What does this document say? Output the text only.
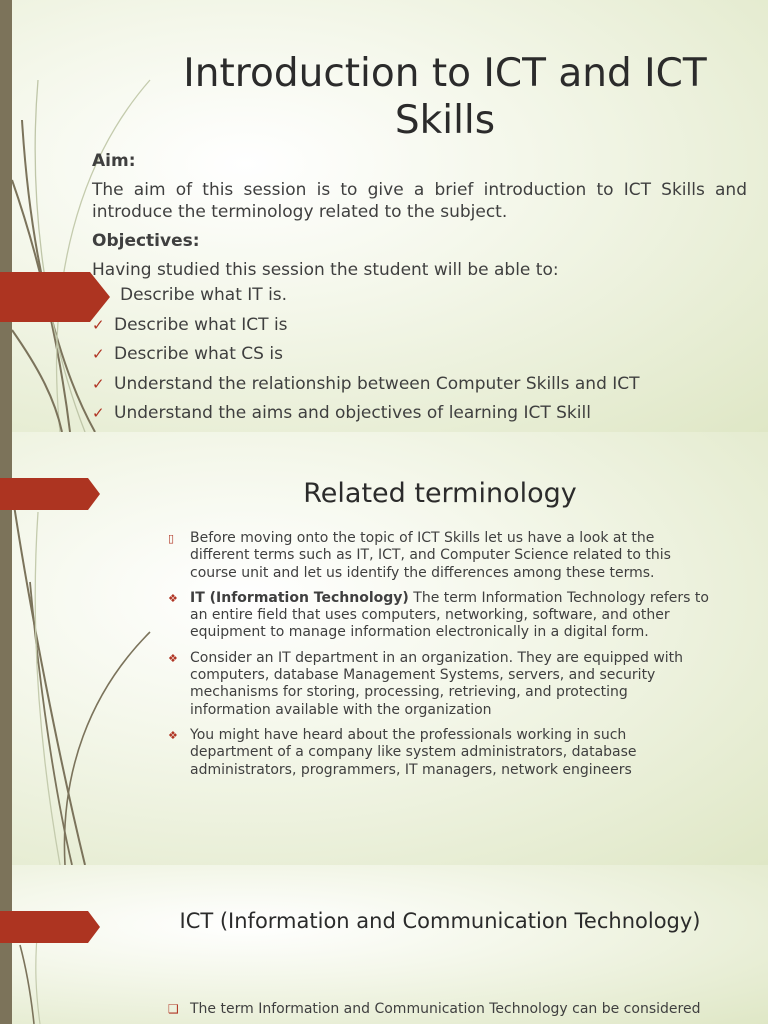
Introduction to ICT and ICT Skills

Aim:

The aim of this session is to give a brief introduction to ICT Skills and introduce the terminology related to the subject.

Objectives:

Having studied this session the student will be able to:

Describe what IT is.
✓ Describe what ICT is
✓ Describe what CS is
✓ Understand the relationship between Computer Skills and ICT
✓ Understand the aims and objectives of learning ICT Skill
Related terminology
▯ Before moving onto the topic of ICT Skills let us have a look at the different terms such as IT, ICT, and Computer Science related to this course unit and let us identify the differences among these terms.
❖ IT (Information Technology) The term Information Technology refers to an entire field that uses computers, networking, software, and other equipment to manage information electronically in a digital form.
❖ Consider an IT department in an organization. They are equipped with computers, database Management Systems, servers, and security mechanisms for storing, processing, retrieving, and protecting information available with the organization
❖ You might have heard about the professionals working in such department of a company like system administrators, database administrators, programmers, IT managers, network engineers
ICT (Information and Communication Technology)
❑ The term Information and Communication Technology can be considered
